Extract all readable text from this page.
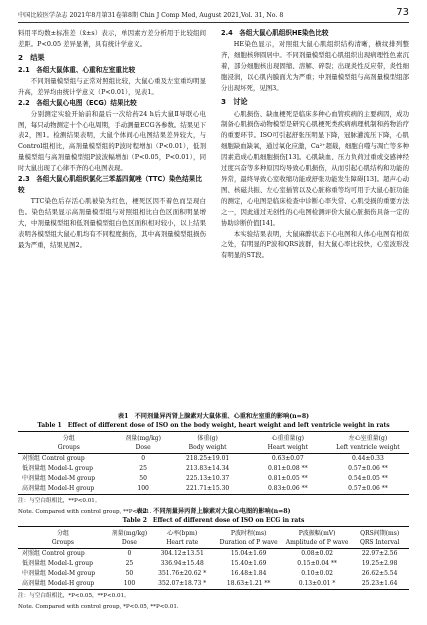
中国比较医学杂志 2021年8月第31卷第8期 Chin J Comp Med, August 2021,Vol. 31, No. 8	73

料用平均数±标准差（x̄±s）表示，单因素方差分析用于比较组间差距。P<0.05 差异显著，具有统计学意义。

2　结果
2.1　各组大鼠体重、心重和左室重比较

不同剂量模型组与正常对照组比较，大鼠心重及左室重均明显升高，差异均由统计学意义（P<0.01），见表1。

2.2　各组大鼠心电图（ECG）结果比较

分别测定实验开始前和最后一次给药24 h后大鼠Ⅱ导联心电图，每只动物测定十个心电周期，手动测量ECG各参数。结果见下表2，图1。检测结果表明，大鼠个体间心电图结果差异较大，与Control组相比，高剂量模型组的P波时程增加（P<0.01），低剂量模型组与高剂量模型组P波波幅增加（P<0.05，P<0.01），同时大鼠出现了心律不齐的心电图表现。

2.3　各组大鼠心肌组织氯化三苯基四氮唑（TTC）染色结果比较

TTC染色后存活心肌被染为红色，梗死区因不着色而呈现白色。染色结果显示高剂量模型组与对照组相比白色区面积明显增大，中剂量模型组和低剂量模型组白色区面积相对较小，以上结果表明各模型组大鼠心肌均有不同程度损伤，其中高剂量模型组损伤最为严重，结果见图2。

2.4　各组大鼠心肌组织HE染色比较

HE染色显示，对照组大鼠心肌组织结构清晰，横纹排列整齐，细胞核卵圆居中。不同剂量模型组心肌组织出现病理性色素沉着，部分细胞核出现固缩、溶解、碎裂；出现炎性反应带，炎性细胞浸润，以心肌内膜面尤为严重；中剂量模型组与高剂量模型组部分出现坏死，见图3。

3　讨论

心肌损伤、缺血梗死是临床多种心血管疾病的主要病因，成功制备心肌损伤动物模型是研究心肌梗死类疾病病理机制和药物治疗的重要环节。ISO可引起舒张压明显下降，冠脉灌流压下降，心肌细胞缺血缺氧，通过氧化应激，Ca²⁺超载，细胞自噬与凋亡等多种因素造成心肌细胞损伤[13]。心肌缺血、压力负荷过重或交感神经过度兴奋等多种原因均导致心肌损伤，从而引起心肌结构和功能的异常，最终导致心室收缩功能或舒张功能发生障碍[13]。超声心动图、核磁共振、左心室插管以及心脏称重等均可用于大鼠心脏功能的测定，心电图是临床检查中诊断心率失常、心肌受损的重要方法之一，因此通过无创性的心电图检测评价大鼠心脏损伤具备一定的协助诊断价值[14]。

本实验结果表明，大鼠麻醉状态下心电图和人体心电图有相似之处，有明显的P波和QRS波群，但大鼠心率比较快，心室波形没有明显的ST段。

表1　不同剂量异丙肾上腺素对大鼠体重、心重和左室重的影响(n=8)
Table 1　Effect of different dose of ISO on the body weight, heart weight and left ventricle weight in rats
分组	剂量(mg/kg)	体重(g)	心重重量(g)	左心室重量(g)
Groups	Dose	Body weight	Heart weight	Left ventricle weight
对照组 Control group	0	218.25±19.01	0.63±0.07	0.44±0.33
低剂量组 Model-L group	25	213.83±14.34	0.81±0.08 **	0.57±0.06 **
中剂量组 Model-M group	50	225.13±10.37	0.81±0.05 **	0.54±0.05 **
高剂量组 Model-H group	100	221.71±15.30	0.83±0.06 **	0.57±0.06 **
注：与空白组相比，**P<0.01。
Note. Compared with control group, **P<0.01.
表2　不同剂量异丙肾上腺素对大鼠心电图的影响(n=8)
Table 2　Effect of different dose of ISO on ECG in rats
分组	剂量(mg/kg)	心率(bpm)	P波时程(ms)	P波振幅(mV)	QRS间期(ms)
Groups	Dose	Heart rate	Duration of P wave	Amplitude of P wave	QRS Interval
对照组 Control group	0	304.12±13.51	15.04±1.69	0.08±0.02	22.97±2.56
低剂量组 Model-L group	25	336.94±15.48	15.40±1.69	0.15±0.04 **	19.25±2.98
中剂量组 Model-M group	50	351.76±20.62 *	16.48±1.84	0.10±0.02	26.62±5.54
高剂量组 Model-H group	100	352.07±18.73 *	18.63±1.21 **	0.13±0.01 *	25.23±1.64
注：与空白组相比，*P<0.05，**P<0.01。
Note. Compared with control group, *P<0.05, **P<0.01.
